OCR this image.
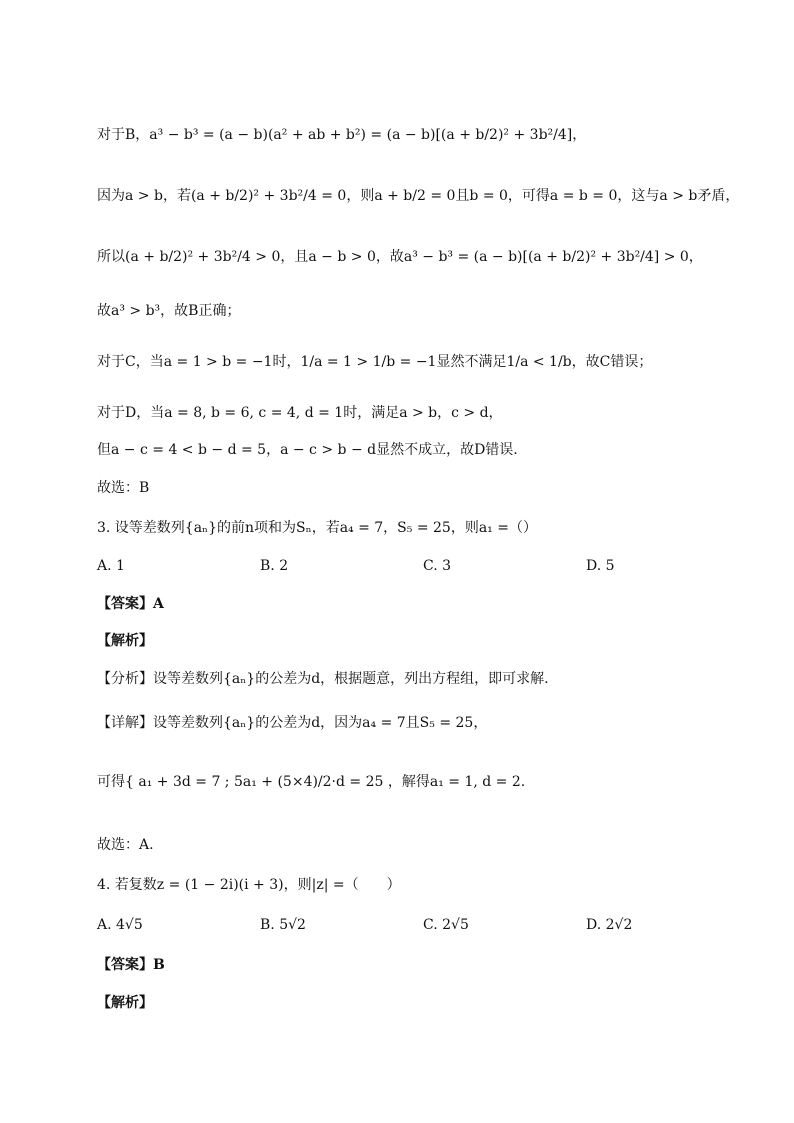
对于B，a³ − b³ = (a − b)(a² + ab + b²) = (a − b)[(a + b/2)² + 3b²/4]，
因为a > b，若(a + b/2)² + 3b²/4 = 0，则a + b/2 = 0且b = 0，可得a = b = 0，这与a > b矛盾，
所以(a + b/2)² + 3b²/4 > 0，且a − b > 0，故a³ − b³ = (a − b)[(a + b/2)² + 3b²/4] > 0，
故a³ > b³，故B正确；
对于C，当a = 1 > b = −1时，1/a = 1 > 1/b = −1显然不满足1/a < 1/b，故C错误；
对于D，当a = 8, b = 6, c = 4, d = 1时，满足a > b，c > d，
但a − c = 4 < b − d = 5，a − c > b − d显然不成立，故D错误.
故选：B
3. 设等差数列{aₙ}的前n项和为Sₙ，若a₄ = 7，S₅ = 25，则a₁ =（）
A. 1	B. 2	C. 3	D. 5
【答案】A
【解析】
【分析】设等差数列{aₙ}的公差为d，根据题意，列出方程组，即可求解.
【详解】设等差数列{aₙ}的公差为d，因为a₄ = 7且S₅ = 25，
可得{ a₁ + 3d = 7 ; 5a₁ + (5×4)/2·d = 25 ，解得a₁ = 1, d = 2.
故选：A.
4. 若复数z = (1 − 2i)(i + 3)，则|z| =（　　）
A. 4√5	B. 5√2	C. 2√5	D. 2√2
【答案】B
【解析】
